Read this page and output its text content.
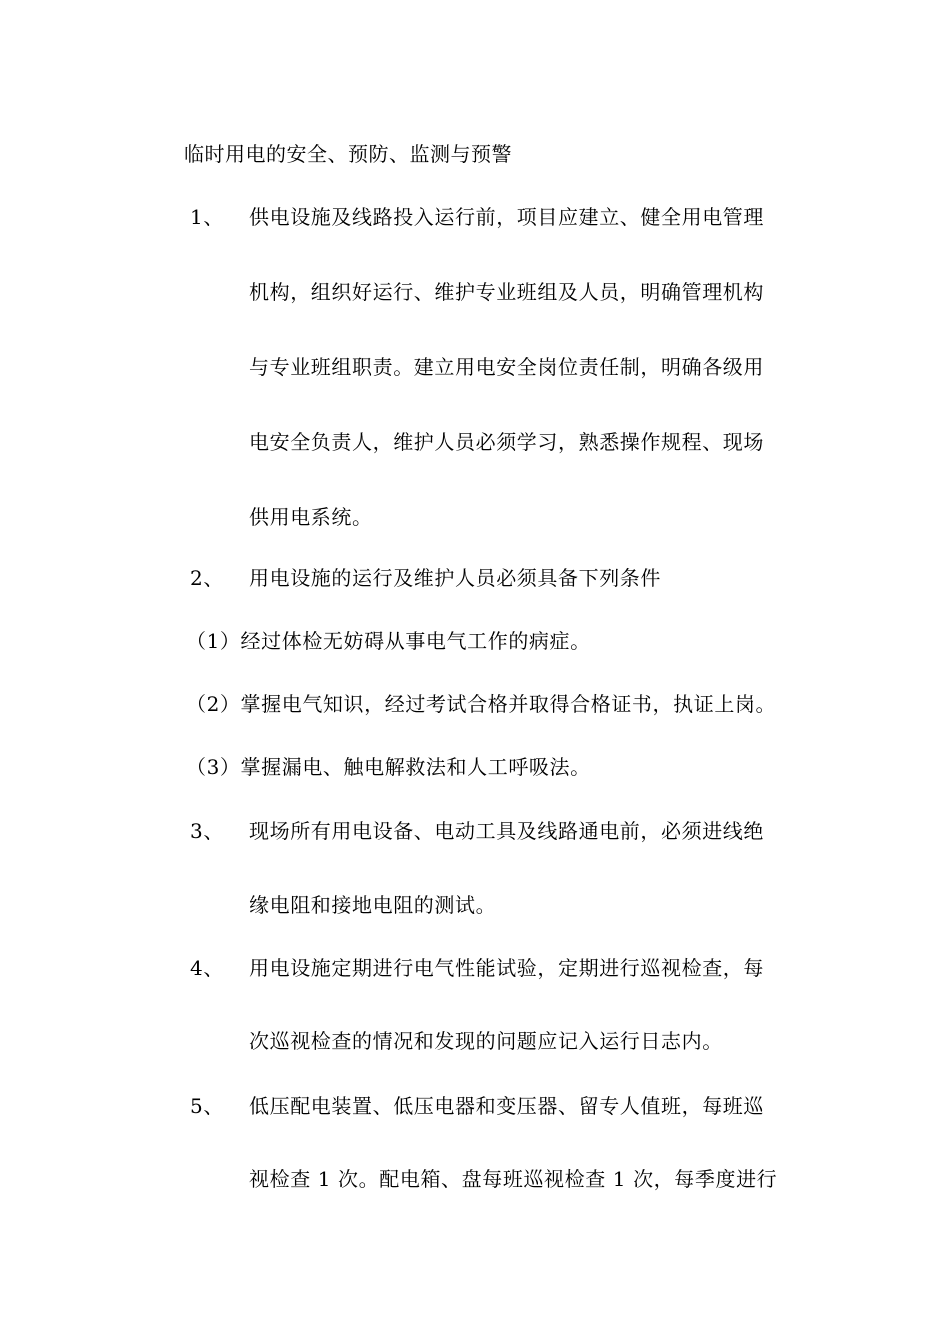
临时用电的安全、预防、监测与预警
1、 供电设施及线路投入运行前，项目应建立、健全用电管理
机构，组织好运行、维护专业班组及人员，明确管理机构
与专业班组职责。建立用电安全岗位责任制，明确各级用
电安全负责人，维护人员必须学习，熟悉操作规程、现场
供用电系统。
2、 用电设施的运行及维护人员必须具备下列条件
（1）经过体检无妨碍从事电气工作的病症。
（2）掌握电气知识，经过考试合格并取得合格证书，执证上岗。
（3）掌握漏电、触电解救法和人工呼吸法。
3、 现场所有用电设备、电动工具及线路通电前，必须进线绝
缘电阻和接地电阻的测试。
4、 用电设施定期进行电气性能试验，定期进行巡视检查，每
次巡视检查的情况和发现的问题应记入运行日志内。
5、 低压配电装置、低压电器和变压器、留专人值班，每班巡
视检查 1 次。配电箱、盘每班巡视检查 1 次，每季度进行
